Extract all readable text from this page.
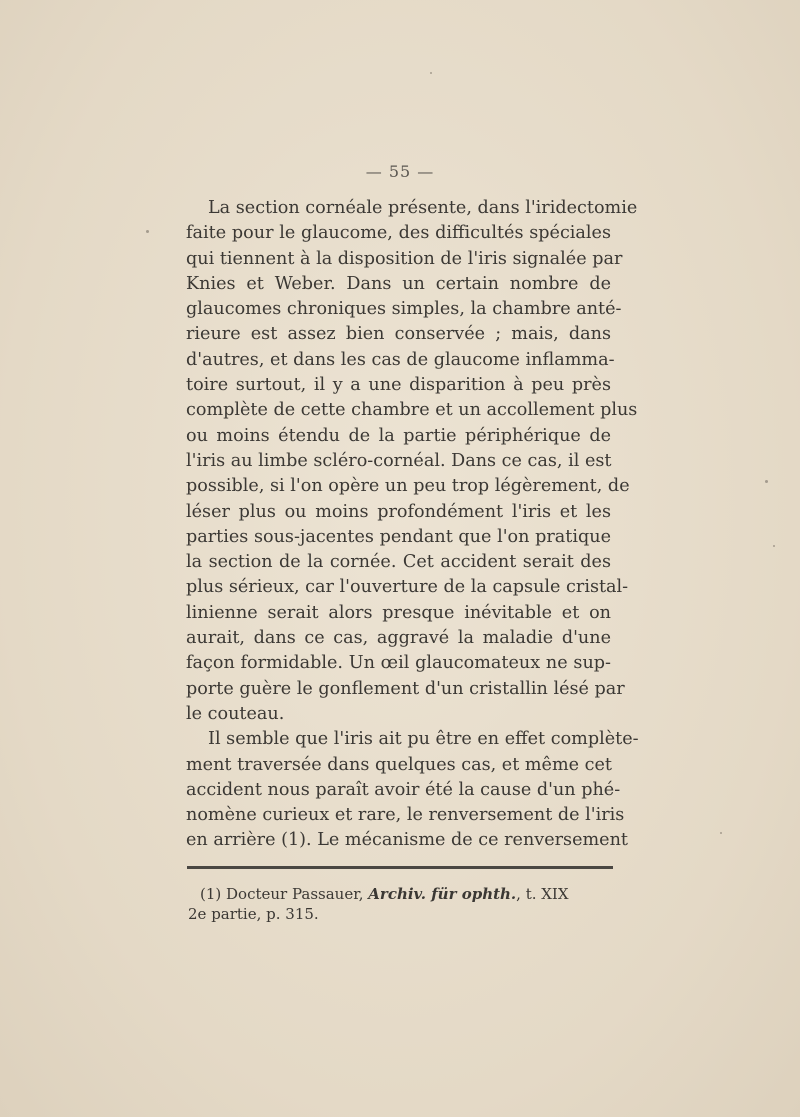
— 55 —
La section cornéale présente, dans l'iridectomie
faite pour le glaucome, des difficultés spéciales
qui tiennent à la disposition de l'iris signalée par
Knies et Weber. Dans un certain nombre de
glaucomes chroniques simples, la chambre anté-
rieure est assez bien conservée ; mais, dans
d'autres, et dans les cas de glaucome inflamma-
toire surtout, il y a une disparition à peu près
complète de cette chambre et un accollement plus
ou moins étendu de la partie périphérique de
l'iris au limbe scléro-cornéal. Dans ce cas, il est
possible, si l'on opère un peu trop légèrement, de
léser plus ou moins profondément l'iris et les
parties sous-jacentes pendant que l'on pratique
la section de la cornée. Cet accident serait des
plus sérieux, car l'ouverture de la capsule cristal-
linienne serait alors presque inévitable et on
aurait, dans ce cas, aggravé la maladie d'une
façon formidable. Un œil glaucomateux ne sup-
porte guère le gonflement d'un cristallin lésé par
le couteau.
Il semble que l'iris ait pu être en effet complète-
ment traversée dans quelques cas, et même cet
accident nous paraît avoir été la cause d'un phé-
nomène curieux et rare, le renversement de l'iris
en arrière (1). Le mécanisme de ce renversement
(1) Docteur Passauer, Archiv. für ophth., t. XIX
2e partie, p. 315.
